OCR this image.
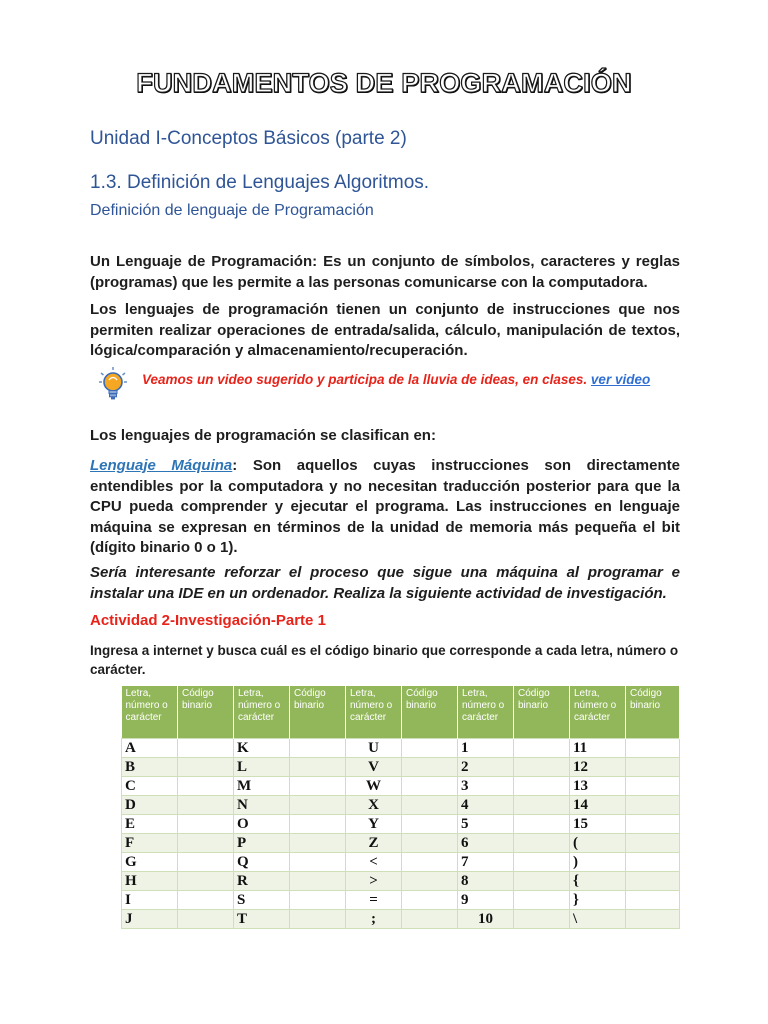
FUNDAMENTOS DE PROGRAMACIÓN
Unidad I-Conceptos Básicos (parte 2)
1.3. Definición de Lenguajes Algoritmos.
Definición de lenguaje de Programación
Un Lenguaje de Programación: Es un conjunto de símbolos, caracteres y reglas (programas) que les permite a las personas comunicarse con la computadora.
Los lenguajes de programación tienen un conjunto de instrucciones que nos permiten realizar operaciones de entrada/salida, cálculo, manipulación de textos, lógica/comparación y almacenamiento/recuperación.
Veamos un video sugerido y participa de la lluvia de ideas, en clases. ver video
Los lenguajes de programación se clasifican en:
Lenguaje Máquina: Son aquellos cuyas instrucciones son directamente entendibles por la computadora y no necesitan traducción posterior para que la CPU pueda comprender y ejecutar el programa. Las instrucciones en lenguaje máquina se expresan en términos de la unidad de memoria más pequeña el bit (dígito binario 0 o 1).
Sería interesante reforzar el proceso que sigue una máquina al programar e instalar una IDE en un ordenador. Realiza la siguiente actividad de investigación.
Actividad 2-Investigación-Parte 1
Ingresa a internet y busca cuál es el código binario que corresponde a cada letra, número o carácter.
Letra, número o carácter	Código binario	Letra, número o carácter	Código binario	Letra, número o carácter	Código binario	Letra, número o carácter	Código binario	Letra, número o carácter	Código binario
A		K		U		1		11	
B		L		V		2		12	
C		M		W		3		13	
D		N		X		4		14	
E		O		Y		5		15	
F		P		Z		6		(	
G		Q		<		7		)	
H		R		>		8		{	
I		S		=		9		}	
J		T		;		10		\	
